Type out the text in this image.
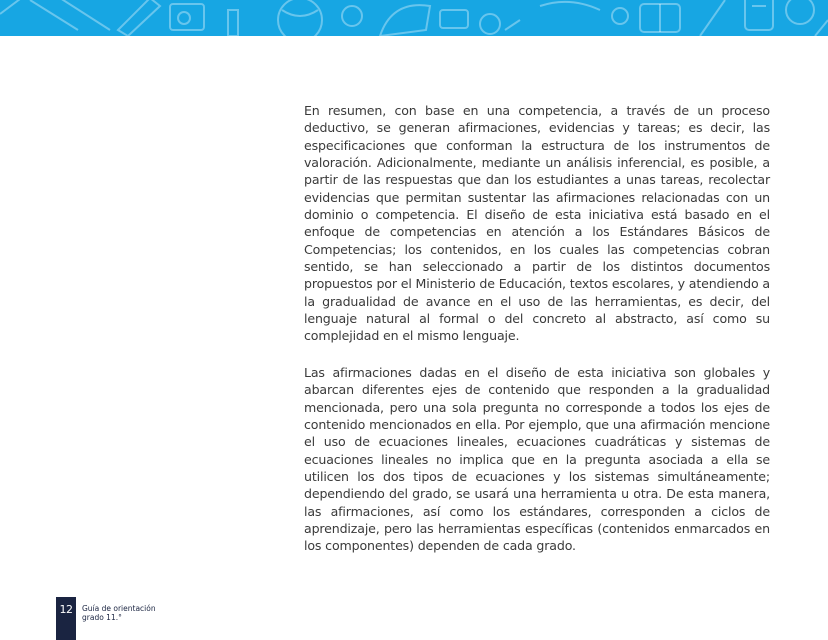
En resumen, con base en una competencia, a través de un proceso deductivo, se generan afirmaciones, evidencias y tareas; es decir, las especificaciones que conforman la estructura de los instrumentos de valoración. Adicionalmente, mediante un análisis inferencial, es posible, a partir de las respuestas que dan los estudiantes a unas tareas, recolectar evidencias que permitan sustentar las afirmaciones relacionadas con un dominio o competencia. El diseño de esta iniciativa está basado en el enfoque de competencias en atención a los Estándares Básicos de Competencias; los contenidos, en los cuales las competencias cobran sentido, se han seleccionado a partir de los distintos documentos propuestos por el Ministerio de Educación, textos escolares, y atendiendo a la gradualidad de avance en el uso de las herramientas, es decir, del lenguaje natural al formal o del concreto al abstracto, así como su complejidad en el mismo lenguaje.

Las afirmaciones dadas en el diseño de esta iniciativa son globales y abarcan diferentes ejes de contenido que responden a la gradualidad mencionada, pero una sola pregunta no corresponde a todos los ejes de contenido mencionados en ella. Por ejemplo, que una afirmación mencione el uso de ecuaciones lineales, ecuaciones cuadráticas y sistemas de ecuaciones lineales no implica que en la pregunta asociada a ella se utilicen los dos tipos de ecuaciones y los sistemas simultáneamente; dependiendo del grado, se usará una herramienta u otra. De esta manera, las afirmaciones, así como los estándares, corresponden a ciclos de aprendizaje, pero las herramientas específicas (contenidos enmarcados en los componentes) dependen de cada grado.

12	Guía de orientación
grado 11.°
